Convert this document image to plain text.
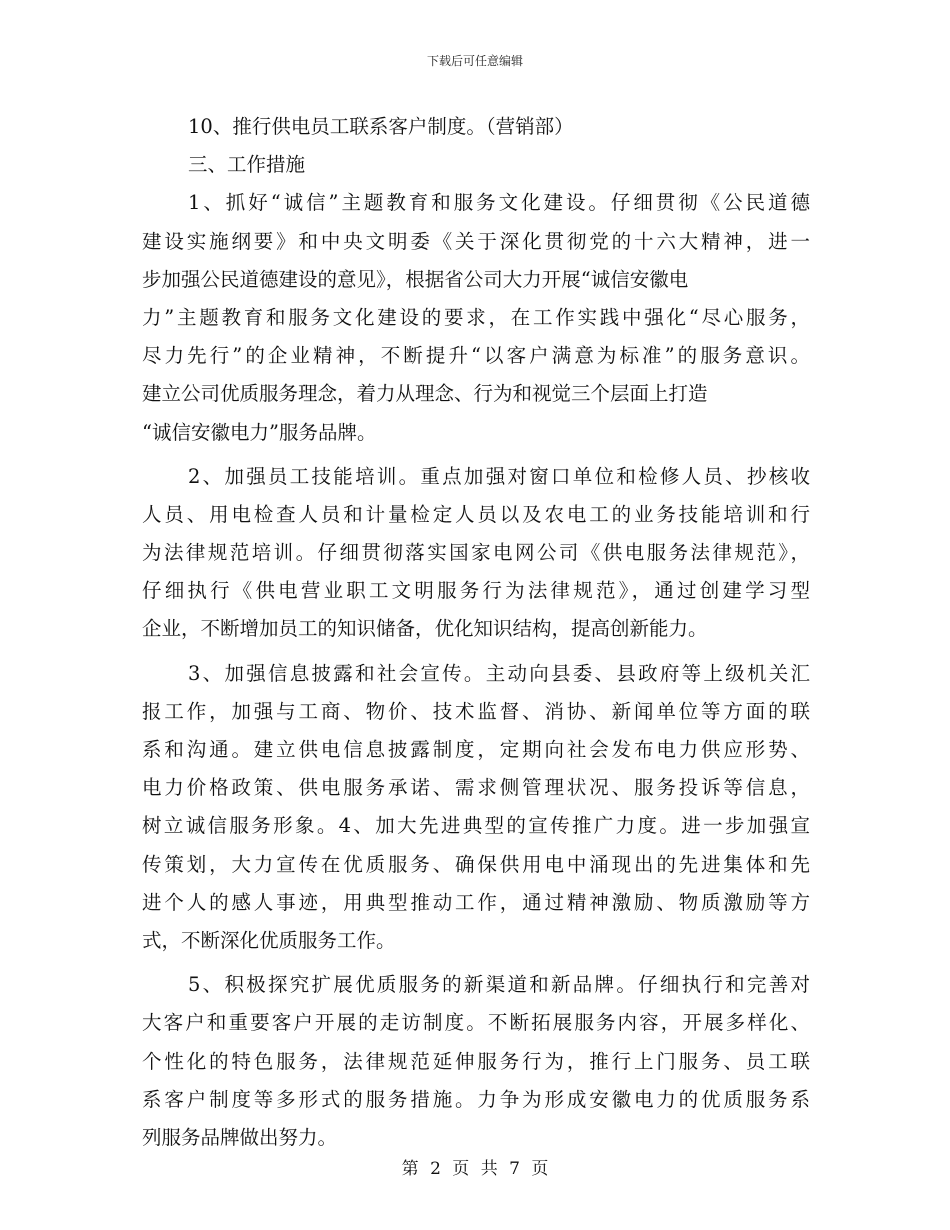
下载后可任意编辑
10、推行供电员工联系客户制度。（营销部）
三、工作措施
1、抓好“诚信”主题教育和服务文化建设。仔细贯彻《公民道德
建设实施纲要》和中央文明委《关于深化贯彻党的十六大精神，进一
步加强公民道德建设的意见》，根据省公司大力开展“诚信安徽电
力”主题教育和服务文化建设的要求，在工作实践中强化“尽心服务，
尽力先行”的企业精神，不断提升“以客户满意为标准”的服务意识。
建立公司优质服务理念，着力从理念、行为和视觉三个层面上打造
“诚信安徽电力”服务品牌。
2、加强员工技能培训。重点加强对窗口单位和检修人员、抄核收
人员、用电检查人员和计量检定人员以及农电工的业务技能培训和行
为法律规范培训。仔细贯彻落实国家电网公司《供电服务法律规范》，
仔细执行《供电营业职工文明服务行为法律规范》，通过创建学习型
企业，不断增加员工的知识储备，优化知识结构，提高创新能力。
3、加强信息披露和社会宣传。主动向县委、县政府等上级机关汇
报工作，加强与工商、物价、技术监督、消协、新闻单位等方面的联
系和沟通。建立供电信息披露制度，定期向社会发布电力供应形势、
电力价格政策、供电服务承诺、需求侧管理状况、服务投诉等信息，
树立诚信服务形象。4、加大先进典型的宣传推广力度。进一步加强宣
传策划，大力宣传在优质服务、确保供用电中涌现出的先进集体和先
进个人的感人事迹，用典型推动工作，通过精神激励、物质激励等方
式，不断深化优质服务工作。
5、积极探究扩展优质服务的新渠道和新品牌。仔细执行和完善对
大客户和重要客户开展的走访制度。不断拓展服务内容，开展多样化、
个性化的特色服务，法律规范延伸服务行为，推行上门服务、员工联
系客户制度等多形式的服务措施。力争为形成安徽电力的优质服务系
列服务品牌做出努力。
第 2 页 共 7 页
